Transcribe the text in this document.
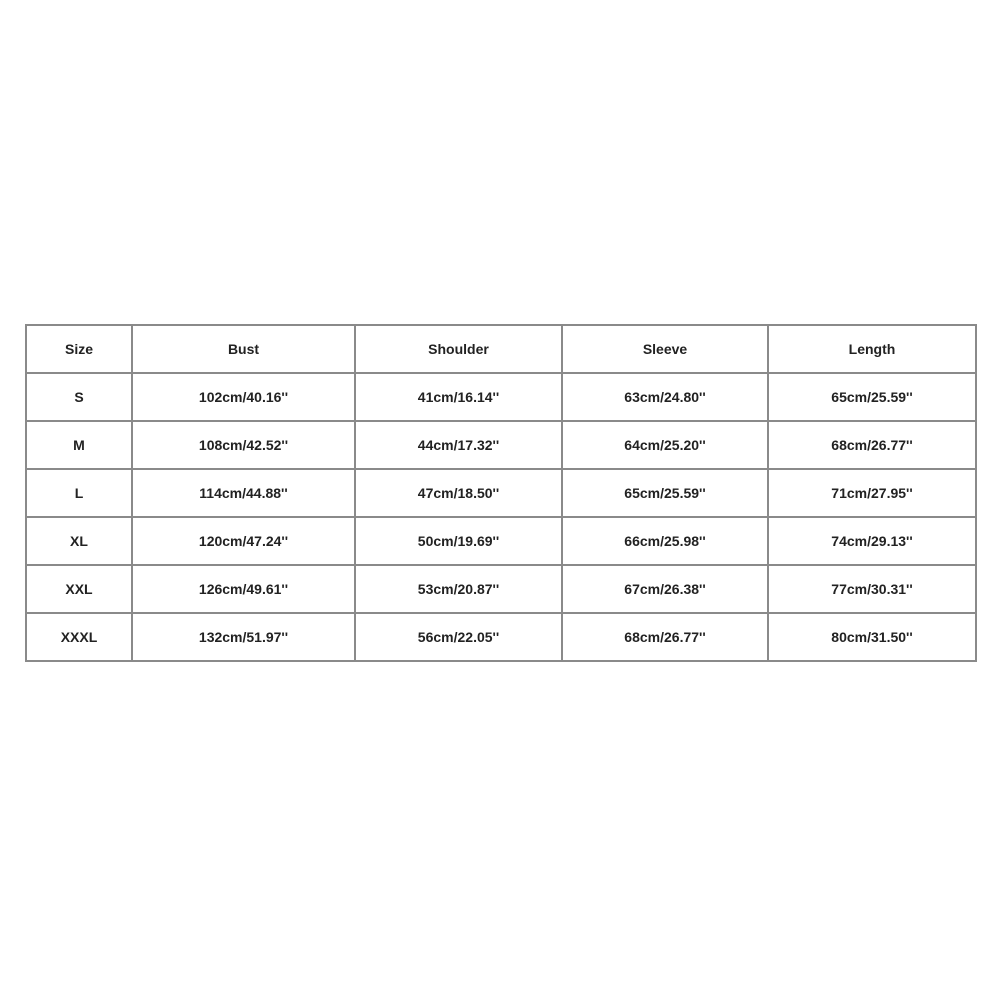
Size	Bust	Shoulder	Sleeve	Length
S	102cm/40.16''	41cm/16.14''	63cm/24.80''	65cm/25.59''
M	108cm/42.52''	44cm/17.32''	64cm/25.20''	68cm/26.77''
L	114cm/44.88''	47cm/18.50''	65cm/25.59''	71cm/27.95''
XL	120cm/47.24''	50cm/19.69''	66cm/25.98''	74cm/29.13''
XXL	126cm/49.61''	53cm/20.87''	67cm/26.38''	77cm/30.31''
XXXL	132cm/51.97''	56cm/22.05''	68cm/26.77''	80cm/31.50''
